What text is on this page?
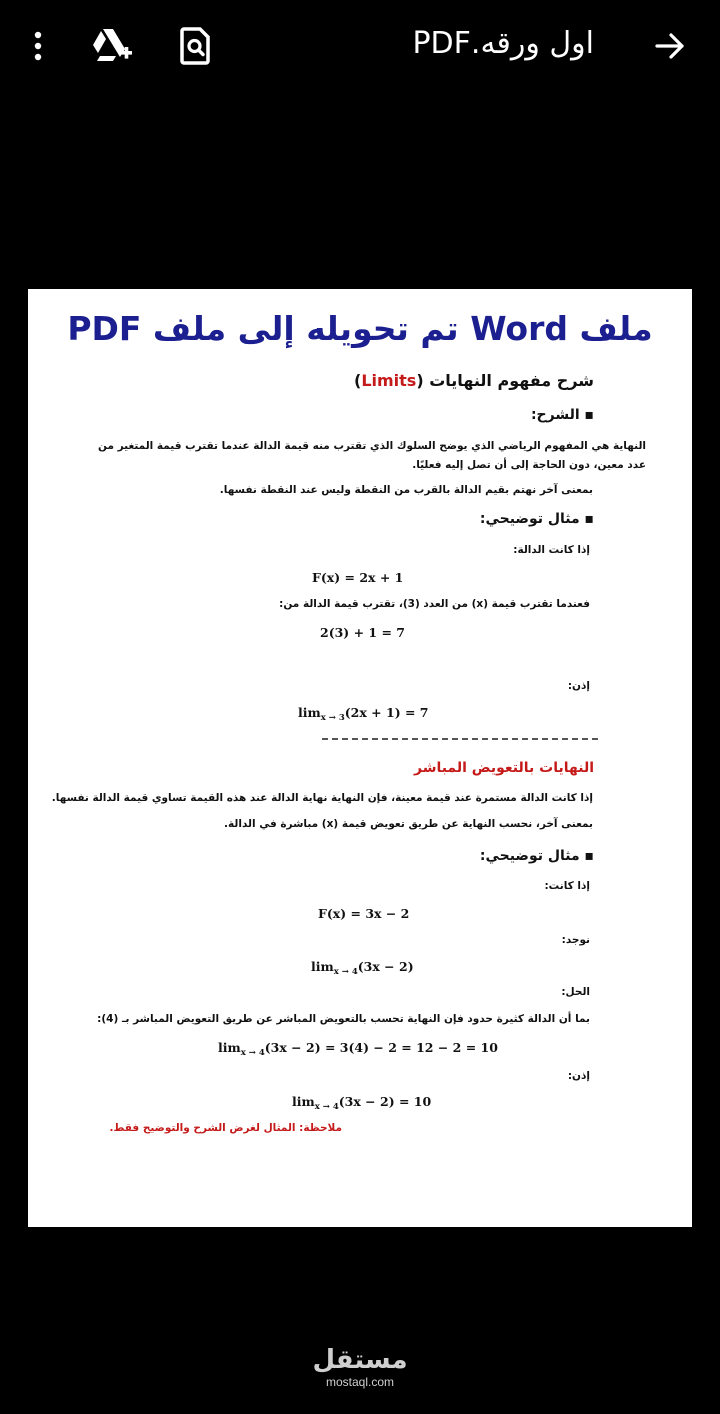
اول ورقه.PDF
ملف Word تم تحويله إلى ملف PDF
شرح مفهوم النهايات (Limits)
▪ الشرح:
النهاية هي المفهوم الرياضي الذي يوضح السلوك الذي تقترب منه قيمة الدالة عندما تقترب قيمة المتغير من
عدد معين، دون الحاجة إلى أن تصل إليه فعليًا.
بمعنى آخر نهتم بقيم الدالة بالقرب من النقطة وليس عند النقطة نفسها.
▪ مثال توضيحي:
إذا كانت الدالة:
F(x) = 2x + 1
فعندما تقترب قيمة (x) من العدد (3)، تقترب قيمة الدالة من:
2(3) + 1 = 7
إذن:
$\lim_{x \to 3}(2x + 1) = 7$
النهايات بالتعويض المباشر
إذا كانت الدالة مستمرة عند قيمة معينة، فإن النهاية نهاية الدالة عند هذه القيمة تساوي قيمة الدالة نفسها.
بمعنى آخر، نحسب النهاية عن طريق تعويض قيمة (x) مباشرة في الدالة.
▪ مثال توضيحي:
إذا كانت:
F(x) = 3x − 2
نوجد:
$\lim_{x \to 4}(3x - 2)$
الحل:
بما أن الدالة كثيرة حدود فإن النهاية تحسب بالتعويض المباشر عن طريق التعويض المباشر بـ (4):
$\lim_{x \to 4}(3x - 2) = 3(4) - 2 = 12 - 2 = 10$
إذن:
$\lim_{x \to 4}(3x - 2) = 10$
ملاحظة: المثال لغرض الشرح والتوضيح فقط.
مستقل
mostaql.com
